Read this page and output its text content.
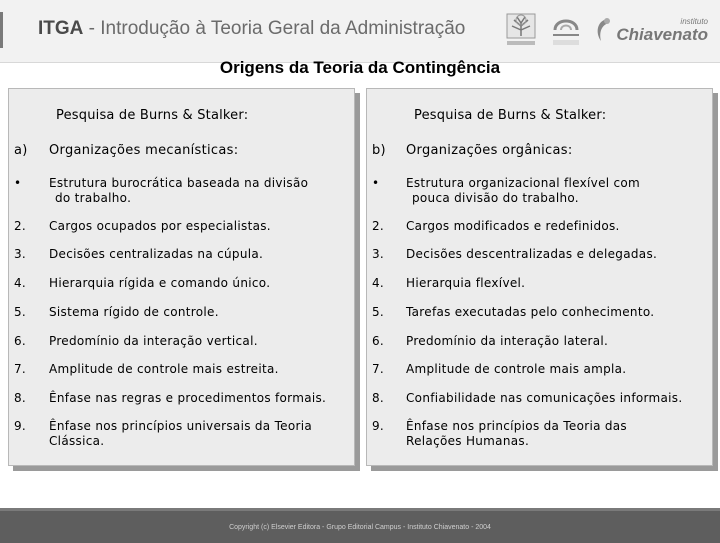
ITGA - Introdução à Teoria Geral da Administração	instituto
Chiavenato
Origens da Teoria da Contingência
Pesquisa de Burns & Stalker:
a) Organizações mecanísticas:
• Estrutura burocrática baseada na divisão
do trabalho.
2. Cargos ocupados por especialistas.
3. Decisões centralizadas na cúpula.
4. Hierarquia rígida e comando único.
5. Sistema rígido de controle.
6. Predomínio da interação vertical.
7. Amplitude de controle mais estreita.
8. Ênfase nas regras e procedimentos formais.
9. Ênfase nos princípios universais da Teoria
Clássica.
Pesquisa de Burns & Stalker:
b) Organizações orgânicas:
• Estrutura organizacional flexível com
pouca divisão do trabalho.
2. Cargos modificados e redefinidos.
3. Decisões descentralizadas e delegadas.
4. Hierarquia flexível.
5. Tarefas executadas pelo conhecimento.
6. Predomínio da interação lateral.
7. Amplitude de controle mais ampla.
8. Confiabilidade nas comunicações informais.
9. Ênfase nos princípios da Teoria das
Relações Humanas.
Copyright (c) Elsevier Editora - Grupo Editorial Campus - Instituto Chiavenato - 2004
